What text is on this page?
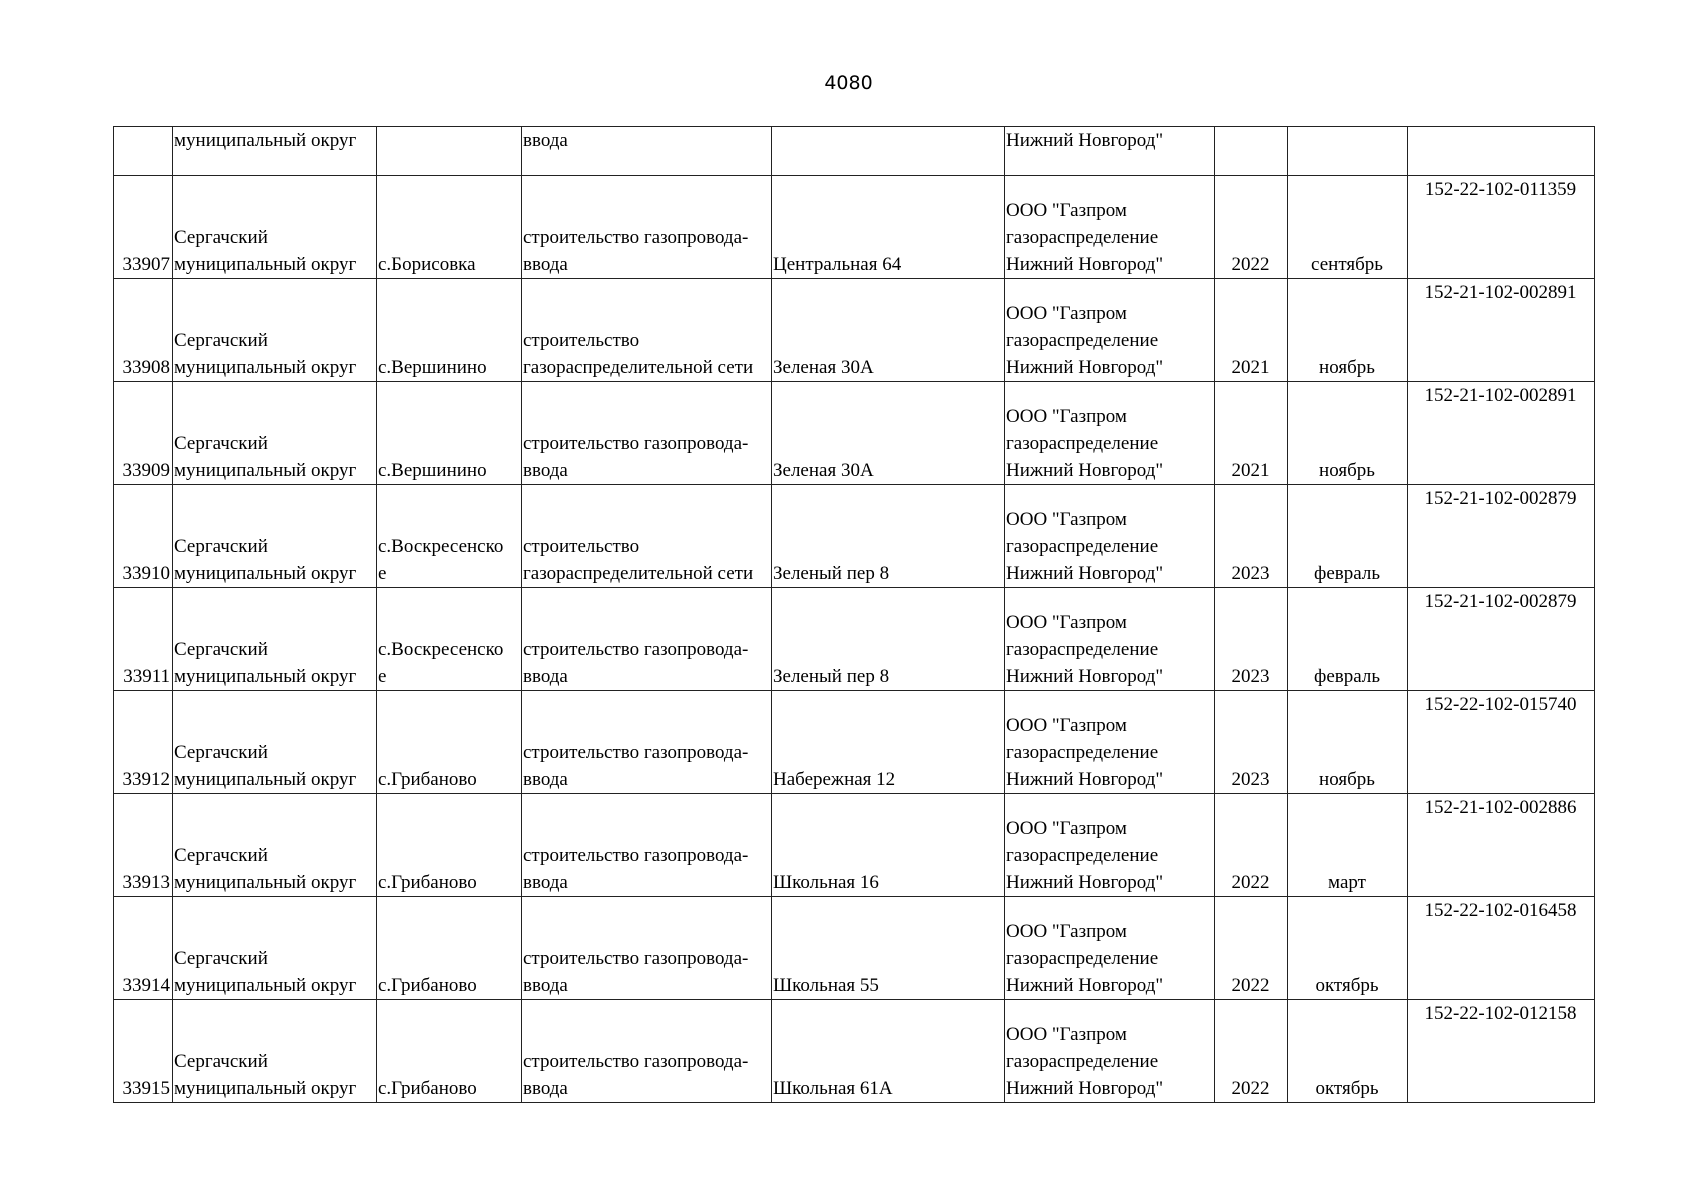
4080
	муниципальный округ		ввода		Нижний Новгород"			

33907	Сергачский
муниципальный округ	с.Борисовка	строительство газопровода-
ввода	Центральная 64	ООО "Газпром
газораспределение
Нижний Новгород"	2022	сентябрь	152-22-102-011359

33908	Сергачский
муниципальный округ	с.Вершинино	строительство
газораспределительной сети	Зеленая 30А	ООО "Газпром
газораспределение
Нижний Новгород"	2021	ноябрь	152-21-102-002891

33909	Сергачский
муниципальный округ	с.Вершинино	строительство газопровода-
ввода	Зеленая 30А	ООО "Газпром
газораспределение
Нижний Новгород"	2021	ноябрь	152-21-102-002891

33910	Сергачский
муниципальный округ	с.Воскресенско
е	строительство
газораспределительной сети	Зеленый пер 8	ООО "Газпром
газораспределение
Нижний Новгород"	2023	февраль	152-21-102-002879

33911	Сергачский
муниципальный округ	с.Воскресенско
е	строительство газопровода-
ввода	Зеленый пер 8	ООО "Газпром
газораспределение
Нижний Новгород"	2023	февраль	152-21-102-002879

33912	Сергачский
муниципальный округ	с.Грибаново	строительство газопровода-
ввода	Набережная 12	ООО "Газпром
газораспределение
Нижний Новгород"	2023	ноябрь	152-22-102-015740

33913	Сергачский
муниципальный округ	с.Грибаново	строительство газопровода-
ввода	Школьная 16	ООО "Газпром
газораспределение
Нижний Новгород"	2022	март	152-21-102-002886

33914	Сергачский
муниципальный округ	с.Грибаново	строительство газопровода-
ввода	Школьная 55	ООО "Газпром
газораспределение
Нижний Новгород"	2022	октябрь	152-22-102-016458

33915	Сергачский
муниципальный округ	с.Грибаново	строительство газопровода-
ввода	Школьная 61А	ООО "Газпром
газораспределение
Нижний Новгород"	2022	октябрь	152-22-102-012158
